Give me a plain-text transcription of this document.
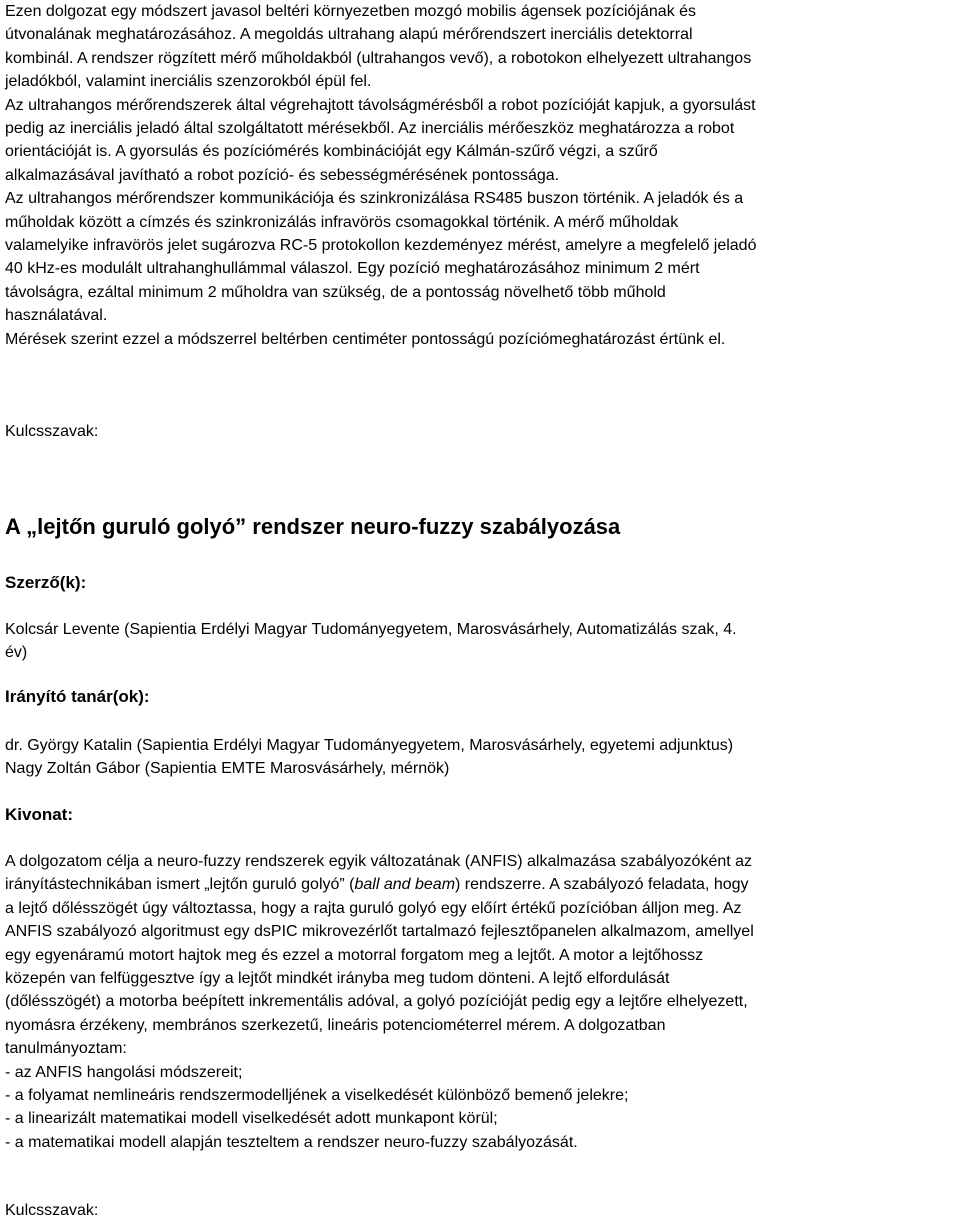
Ezen dolgozat egy módszert javasol beltéri környezetben mozgó mobilis ágensek pozíciójának és
útvonalának meghatározásához. A megoldás ultrahang alapú mérőrendszert inerciális detektorral
kombinál. A rendszer rögzített mérő műholdakból (ultrahangos vevő), a robotokon elhelyezett ultrahangos
jeladókból, valamint inerciális szenzorokból épül fel.
Az ultrahangos mérőrendszerek által végrehajtott távolságmérésből a robot pozícióját kapjuk, a gyorsulást
pedig az inerciális jeladó által szolgáltatott mérésekből. Az inerciális mérőeszköz meghatározza a robot
orientációját is. A gyorsulás és pozíciómérés kombinációját egy Kálmán-szűrő végzi, a szűrő
alkalmazásával javítható a robot pozíció- és sebességmérésének pontossága.
Az ultrahangos mérőrendszer kommunikációja és szinkronizálása RS485 buszon történik. A jeladók és a
műholdak között a címzés és szinkronizálás infravörös csomagokkal történik. A mérő műholdak
valamelyike infravörös jelet sugározva RC-5 protokollon kezdeményez mérést, amelyre a megfelelő jeladó
40 kHz-es modulált ultrahanghullámmal válaszol. Egy pozíció meghatározásához minimum 2 mért
távolságra, ezáltal minimum 2 műholdra van szükség, de a pontosság növelhető több műhold
használatával.
Mérések szerint ezzel a módszerrel beltérben centiméter pontosságú pozíciómeghatározást értünk el.

Kulcsszavak:

A „lejtőn guruló golyó” rendszer neuro-fuzzy szabályozása
Szerző(k):

Kolcsár Levente (Sapientia Erdélyi Magyar Tudományegyetem, Marosvásárhely, Automatizálás szak, 4.
év)

Irányító tanár(ok):

dr. György Katalin (Sapientia Erdélyi Magyar Tudományegyetem, Marosvásárhely, egyetemi adjunktus)
Nagy Zoltán Gábor (Sapientia EMTE Marosvásárhely, mérnök)

Kivonat:

A dolgozatom célja a neuro-fuzzy rendszerek egyik változatának (ANFIS) alkalmazása szabályozóként az
irányítástechnikában ismert „lejtőn guruló golyó” (ball and beam) rendszerre. A szabályozó feladata, hogy
a lejtő dőlésszögét úgy változtassa, hogy a rajta guruló golyó egy előírt értékű pozícióban álljon meg. Az
ANFIS szabályozó algoritmust egy dsPIC mikrovezérlőt tartalmazó fejlesztőpanelen alkalmazom, amellyel
egy egyenáramú motort hajtok meg és ezzel a motorral forgatom meg a lejtőt. A motor a lejtőhossz
közepén van felfüggesztve így a lejtőt mindkét irányba meg tudom dönteni. A lejtő elfordulását
(dőlésszögét) a motorba beépített inkrementális adóval, a golyó pozícióját pedig egy a lejtőre elhelyezett,
nyomásra érzékeny, membrános szerkezetű, lineáris potenciométerrel mérem. A dolgozatban
tanulmányoztam:
- az ANFIS hangolási módszereit;
- a folyamat nemlineáris rendszermodelljének a viselkedését különböző bemenő jelekre;
- a linearizált matematikai modell viselkedését adott munkapont körül;
- a matematikai modell alapján teszteltem a rendszer neuro-fuzzy szabályozását.

Kulcsszavak:
